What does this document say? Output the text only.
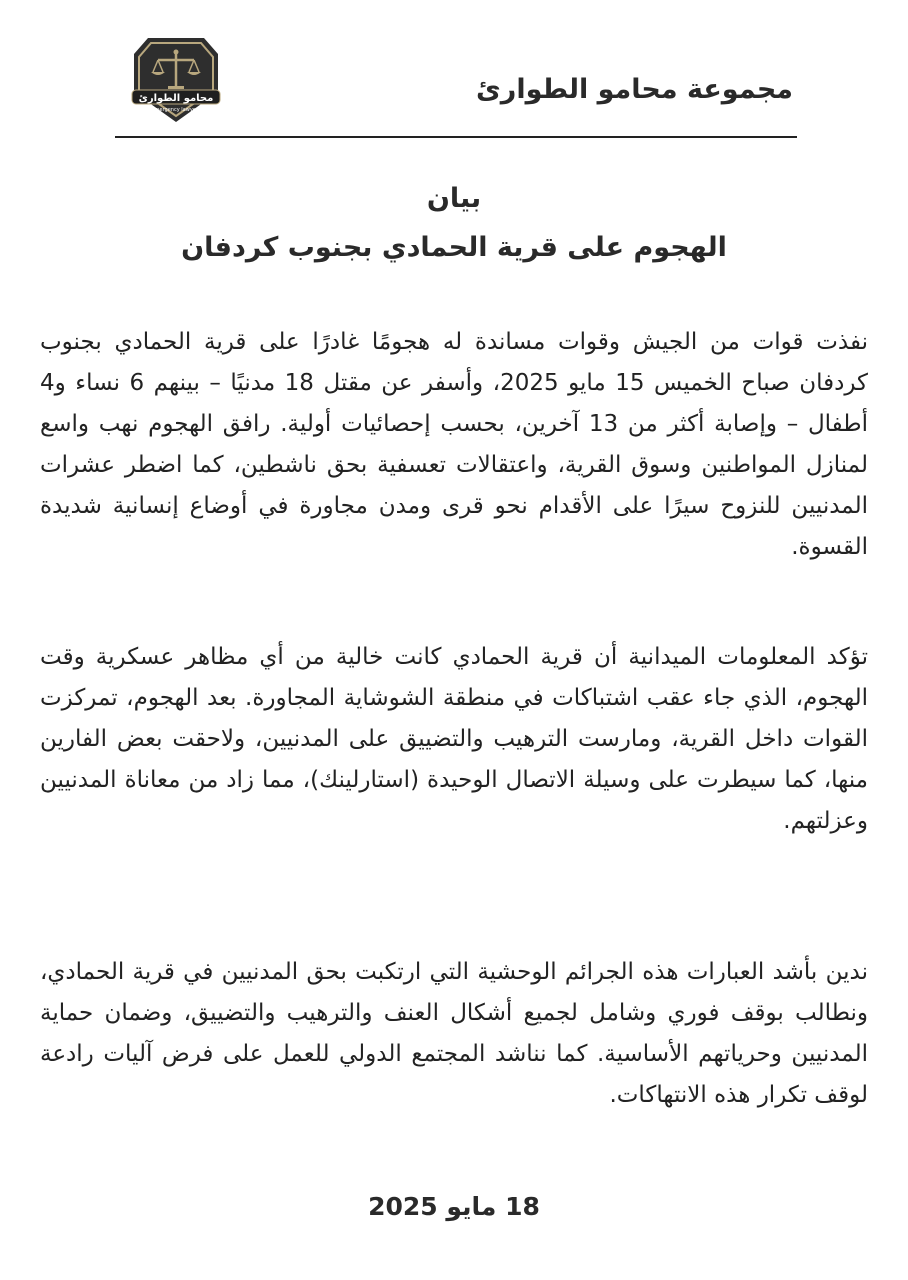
محامو الطوارئ
Emergency lawyers
مجموعة محامو الطوارئ
بيان
الهجوم على قرية الحمادي بجنوب كردفان
نفذت قوات من الجيش وقوات مساندة له هجومًا غادرًا على قرية الحمادي بجنوب كردفان صباح الخميس 15 مايو 2025، وأسفر عن مقتل 18 مدنيًا – بينهم 6 نساء و4 أطفال – وإصابة أكثر من 13 آخرين، بحسب إحصائيات أولية. رافق الهجوم نهب واسع لمنازل المواطنين وسوق القرية، واعتقالات تعسفية بحق ناشطين، كما اضطر عشرات المدنيين للنزوح سيرًا على الأقدام نحو قرى ومدن مجاورة في أوضاع إنسانية شديدة القسوة.
تؤكد المعلومات الميدانية أن قرية الحمادي كانت خالية من أي مظاهر عسكرية وقت الهجوم، الذي جاء عقب اشتباكات في منطقة الشوشاية المجاورة. بعد الهجوم، تمركزت القوات داخل القرية، ومارست الترهيب والتضييق على المدنيين، ولاحقت بعض الفارين منها، كما سيطرت على وسيلة الاتصال الوحيدة (استارلينك)، مما زاد من معاناة المدنيين وعزلتهم.
ندين بأشد العبارات هذه الجرائم الوحشية التي ارتكبت بحق المدنيين في قرية الحمادي، ونطالب بوقف فوري وشامل لجميع أشكال العنف والترهيب والتضييق، وضمان حماية المدنيين وحرياتهم الأساسية. كما نناشد المجتمع الدولي للعمل على فرض آليات رادعة لوقف تكرار هذه الانتهاكات.
18 مايو 2025
